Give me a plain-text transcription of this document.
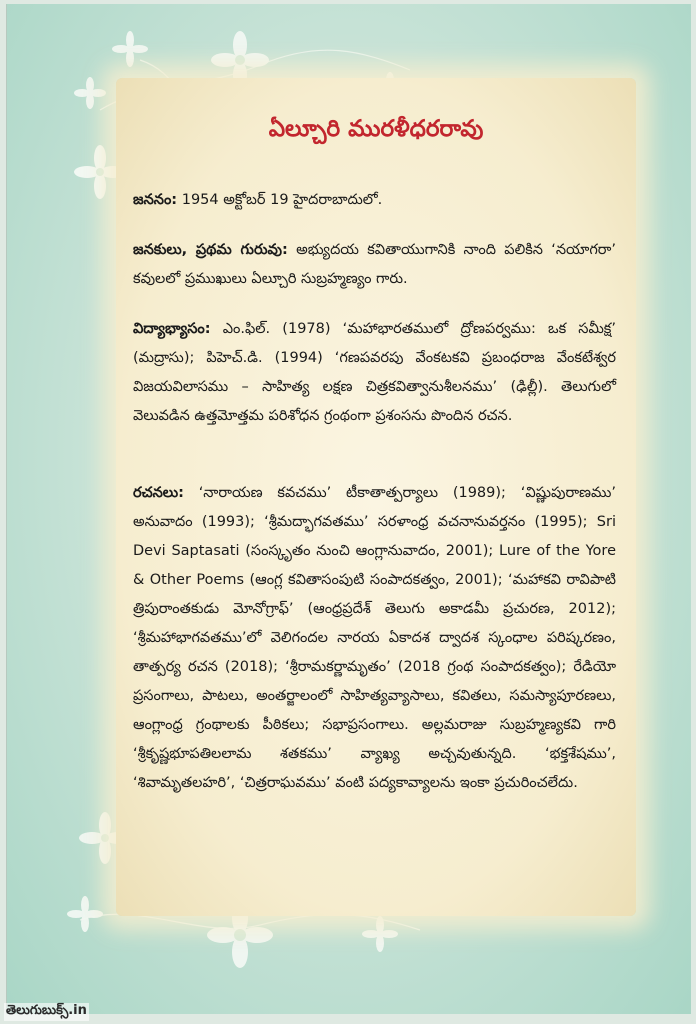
ఏల్చూరి మురళీధరరావు

జననం: 1954 అక్టోబర్ 19 హైదరాబాదులో.

జనకులు, ప్రథమ గురువు: అభ్యుదయ కవితాయుగానికి నాంది పలికిన ‘నయాగరా’ కవులలో ప్రముఖులు ఏల్చూరి సుబ్రహ్మణ్యం గారు.

విద్యాభ్యాసం: ఎం.ఫిల్. (1978) ‘మహాభారతములో ద్రోణపర్వము: ఒక సమీక్ష’ (మద్రాసు); పిహెచ్.డి. (1994) ‘గణపవరపు వేంకటకవి ప్రబంధరాజ వేంకటేశ్వర విజయవిలాసము – సాహిత్య లక్షణ చిత్రకవిత్వానుశీలనము’ (ఢిల్లీ). తెలుగులో వెలువడిన ఉత్తమోత్తమ పరిశోధన గ్రంథంగా ప్రశంసను పొందిన రచన.

రచనలు: ‘నారాయణ కవచము’ టీకాతాత్పర్యాలు (1989); ‘విష్ణుపురాణము’ అనువాదం (1993); ‘శ్రీమద్భాగవతము’ సరళాంధ్ర వచనానువర్తనం (1995); Sri Devi Saptasati (సంస్కృతం నుంచి ఆంగ్లానువాదం, 2001); Lure of the Yore & Other Poems (ఆంగ్ల కవితాసంపుటి సంపాదకత్వం, 2001); ‘మహాకవి రావిపాటి త్రిపురాంతకుడు మోనోగ్రాఫ్’ (ఆంధ్రప్రదేశ్ తెలుగు అకాడమీ ప్రచురణ, 2012); ‘శ్రీమహాభాగవతము’లో వెలిగందల నారయ ఏకాదశ ద్వాదశ స్కంధాల పరిష్కరణం, తాత్పర్య రచన (2018); ‘శ్రీరామకర్ణామృతం’ (2018 గ్రంథ సంపాదకత్వం); రేడియో ప్రసంగాలు, పాటలు, అంతర్జాలంలో సాహిత్యవ్యాసాలు, కవితలు, సమస్యాపూరణలు, ఆంగ్లాంధ్ర గ్రంథాలకు పీఠికలు; సభాప్రసంగాలు. అల్లమరాజు సుబ్రహ్మణ్యకవి గారి ‘శ్రీకృష్ణభూపతిలలామ శతకము’ వ్యాఖ్య అచ్చవుతున్నది. ‘భక్తశేషము’, ‘శివామృతలహరి’, ‘చిత్రరాఘవము’ వంటి పద్యకావ్యాలను ఇంకా ప్రచురించలేదు.

తెలుగుబుక్స్.in
